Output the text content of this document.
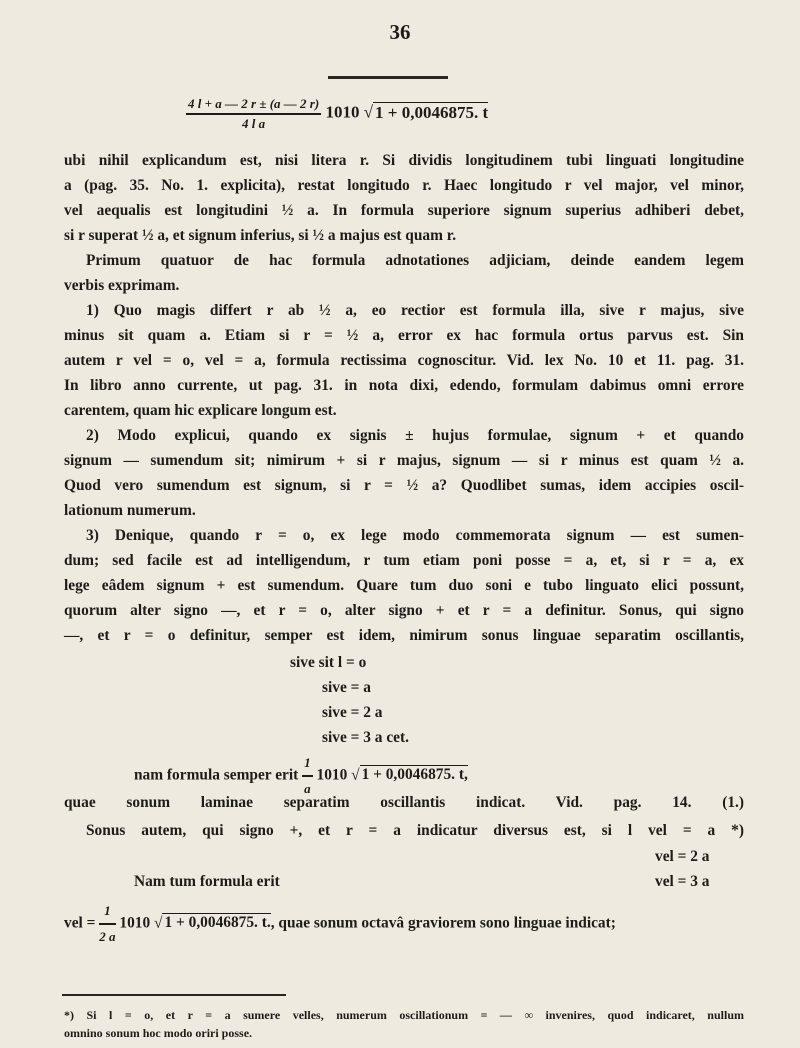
36
$\frac{4 l + a — 2 r \pm (a — 2 r)}{\text{4 l a}} 1010$ √ 1 + 0,0046875. t
ubi nihil explicandum est, nisi litera r. Si dividis longitudinem tubi linguati longitudine
a (pag. 35. No. 1. explicita), restat longitudo r. Haec longitudo r vel major, vel minor,
vel aequalis est longitudini ½ a. In formula superiore signum superius adhiberi debet,
si r superat ½ a, et signum inferius, si ½ a majus est quam r.
Primum quatuor de hac formula adnotationes adjiciam, deinde eandem legem
verbis exprimam.
1) Quo magis differt r ab ½ a, eo rectior est formula illa, sive r majus, sive
minus sit quam a. Etiam si r = ½ a, error ex hac formula ortus parvus est. Sin
autem r vel = o, vel = a, formula rectissima cognoscitur. Vid. lex No. 10 et 11. pag. 31.
In libro anno currente, ut pag. 31. in nota dixi, edendo, formulam dabimus omni errore
carentem, quam hic explicare longum est.
2) Modo explicui, quando ex signis ± hujus formulae, signum + et quando
signum — sumendum sit; nimirum + si r majus, signum — si r minus est quam ½ a.
Quod vero sumendum est signum, si r = ½ a? Quodlibet sumas, idem accipies oscil-
lationum numerum.
3) Denique, quando r = o, ex lege modo commemorata signum — est sumen-
dum; sed facile est ad intelligendum, r tum etiam poni posse = a, et, si r = a, ex
lege eâdem signum + est sumendum. Quare tum duo soni e tubo linguato elici possunt,
quorum alter signo —, et r = o, alter signo + et r = a definitur. Sonus, qui signo
—, et r = o definitur, semper est idem, nimirum sonus linguae separatim oscillantis,
sive sit l = o
sive = a
sive = 2 a
sive = 3 a cet.
nam formula semper erit $\frac{1}{a} 1010$ √ 1 + 0,0046875. t,
quae sonum laminae separatim oscillantis indicat. Vid. pag. 14. (1.)
Sonus autem, qui signo +, et r = a indicatur diversus est, si l vel = a *)
vel = 2 a
vel = 3 a
Nam tum formula erit
vel = $\frac{1}{2 a} 1010$ √ 1 + 0,0046875. t., quae sonum octavâ graviorem sono linguae indicat;
*) Si l = o, et r = a sumere velles, numerum oscillationum = — ∞ invenires, quod indicaret, nullum
omnino sonum hoc modo oriri posse.
